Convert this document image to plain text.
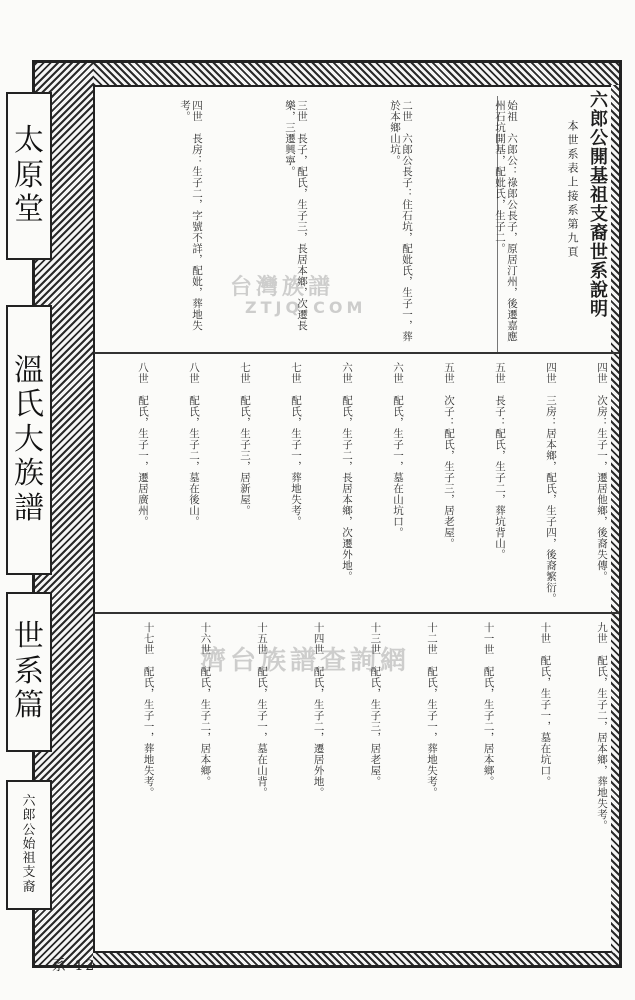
太
原
堂
溫
氏
大
族
譜
世
系
篇
六
郎
公
始
祖
支
裔
—系 12—
六郎公開基祖支裔世系說明
本世系表上接系第九頁
始祖　六郎公：祿郎公長子，原居汀州，後遷嘉應州石坑開基，配妣氏，生子二。
二世　六郎公長子：住石坑，配妣氏，生子一，葬於本鄉山坑。
三世　長子，配氏，生子三，長居本鄉，次遷長樂，三遷興寧。
四世　長房：生子二，字號不詳，配妣，葬地失考。
四世　次房：生子一，遷居他鄉，後裔失傳。
四世　三房：居本鄉，配氏，生子四，後裔繁衍。
五世　長子：配氏，生子二，葬坑背山。
五世　次子：配氏，生子三，居老屋。
六世　配氏，生子一，墓在山坑口。
六世　配氏，生子二，長居本鄉，次遷外地。
七世　配氏，生子一，葬地失考。
七世　配氏，生子三，居新屋。
八世　配氏，生子二，墓在後山。
八世　配氏，生子一，遷居廣州。
九世　配氏，生子二，居本鄉，葬地失考。
十世　配氏，生子一，墓在坑口。
十一世　配氏，生子二，居本鄉。
十二世　配氏，生子一，葬地失考。
十三世　配氏，生子三，居老屋。
十四世　配氏，生子二，遷居外地。
十五世　配氏，生子一，墓在山背。
十六世　配氏，生子二，居本鄉。
十七世　配氏，生子一，葬地失考。
台灣族譜
ZTJQ.COM
濟台族譜查詢網
